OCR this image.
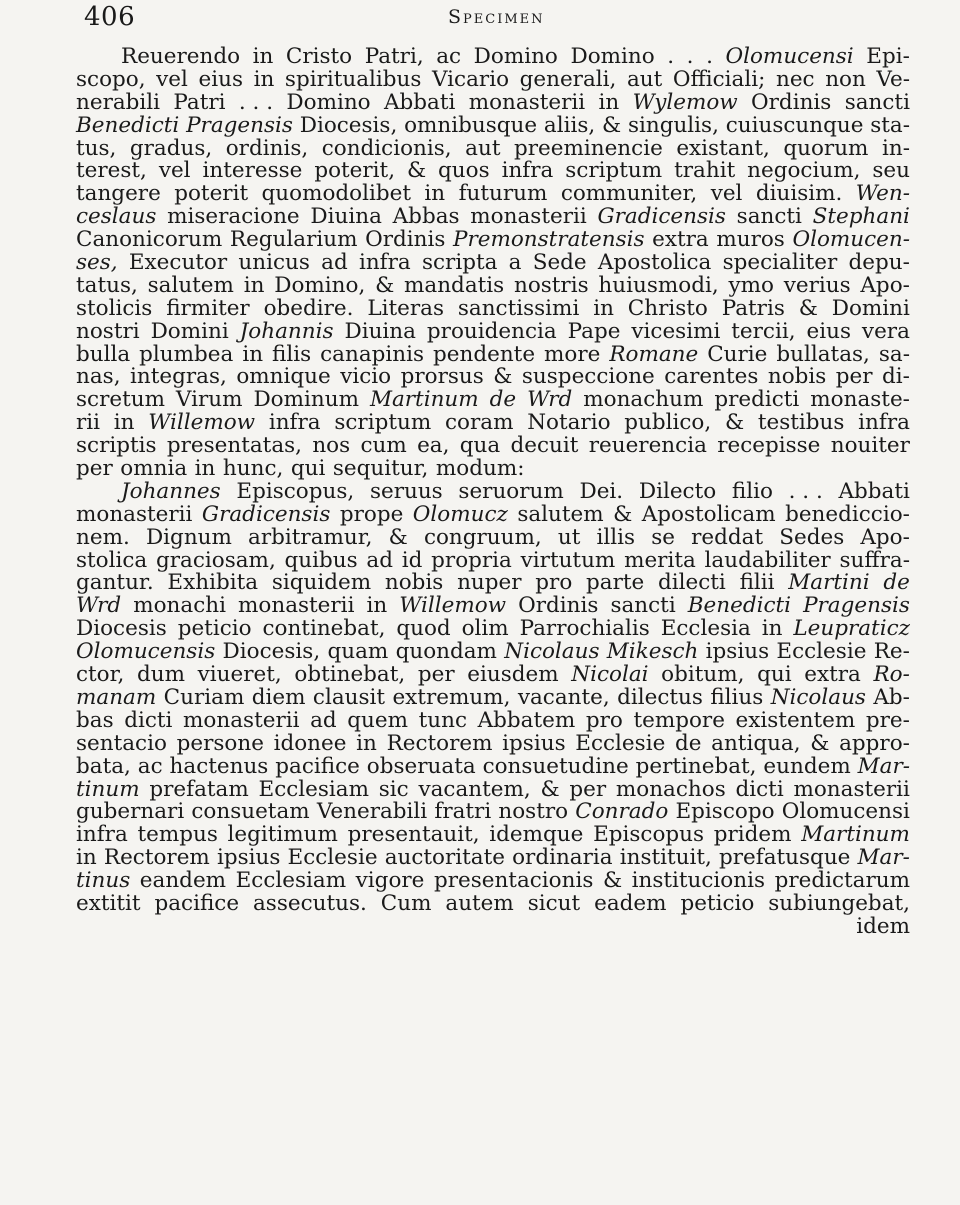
406	Specimen
Reuerendo in Cristo Patri, ac Domino Domino . . . Olomucensi Epi-
scopo, vel eius in spiritualibus Vicario generali, aut Officiali; nec non Ve-
nerabili Patri . . . Domino Abbati monasterii in Wylemow Ordinis sancti
Benedicti Pragensis Diocesis, omnibusque aliis, & singulis, cuiuscunque sta-
tus, gradus, ordinis, condicionis, aut preeminencie existant, quorum in-
terest, vel interesse poterit, & quos infra scriptum trahit negocium, seu
tangere poterit quomodolibet in futurum communiter, vel diuisim. Wen-
ceslaus miseracione Diuina Abbas monasterii Gradicensis sancti Stephani
Canonicorum Regularium Ordinis Premonstratensis extra muros Olomucen-
ses, Executor unicus ad infra scripta a Sede Apostolica specialiter depu-
tatus, salutem in Domino, & mandatis nostris huiusmodi, ymo verius Apo-
stolicis firmiter obedire. Literas sanctissimi in Christo Patris & Domini
nostri Domini Johannis Diuina prouidencia Pape vicesimi tercii, eius vera
bulla plumbea in filis canapinis pendente more Romane Curie bullatas, sa-
nas, integras, omnique vicio prorsus & suspeccione carentes nobis per di-
scretum Virum Dominum Martinum de Wrd monachum predicti monaste-
rii in Willemow infra scriptum coram Notario publico, & testibus infra
scriptis presentatas, nos cum ea, qua decuit reuerencia recepisse nouiter
per omnia in hunc, qui sequitur, modum:
Johannes Episcopus, seruus seruorum Dei. Dilecto filio . . . Abbati
monasterii Gradicensis prope Olomucz salutem & Apostolicam benediccio-
nem. Dignum arbitramur, & congruum, ut illis se reddat Sedes Apo-
stolica graciosam, quibus ad id propria virtutum merita laudabiliter suffra-
gantur. Exhibita siquidem nobis nuper pro parte dilecti filii Martini de
Wrd monachi monasterii in Willemow Ordinis sancti Benedicti Pragensis
Diocesis peticio continebat, quod olim Parrochialis Ecclesia in Leupraticz
Olomucensis Diocesis, quam quondam Nicolaus Mikesch ipsius Ecclesie Re-
ctor, dum viueret, obtinebat, per eiusdem Nicolai obitum, qui extra Ro-
manam Curiam diem clausit extremum, vacante, dilectus filius Nicolaus Ab-
bas dicti monasterii ad quem tunc Abbatem pro tempore existentem pre-
sentacio persone idonee in Rectorem ipsius Ecclesie de antiqua, & appro-
bata, ac hactenus pacifice obseruata consuetudine pertinebat, eundem Mar-
tinum prefatam Ecclesiam sic vacantem, & per monachos dicti monasterii
gubernari consuetam Venerabili fratri nostro Conrado Episcopo Olomucensi
infra tempus legitimum presentauit, idemque Episcopus pridem Martinum
in Rectorem ipsius Ecclesie auctoritate ordinaria instituit, prefatusque Mar-
tinus eandem Ecclesiam vigore presentacionis & institucionis predictarum
extitit pacifice assecutus. Cum autem sicut eadem peticio subiungebat,
idem
